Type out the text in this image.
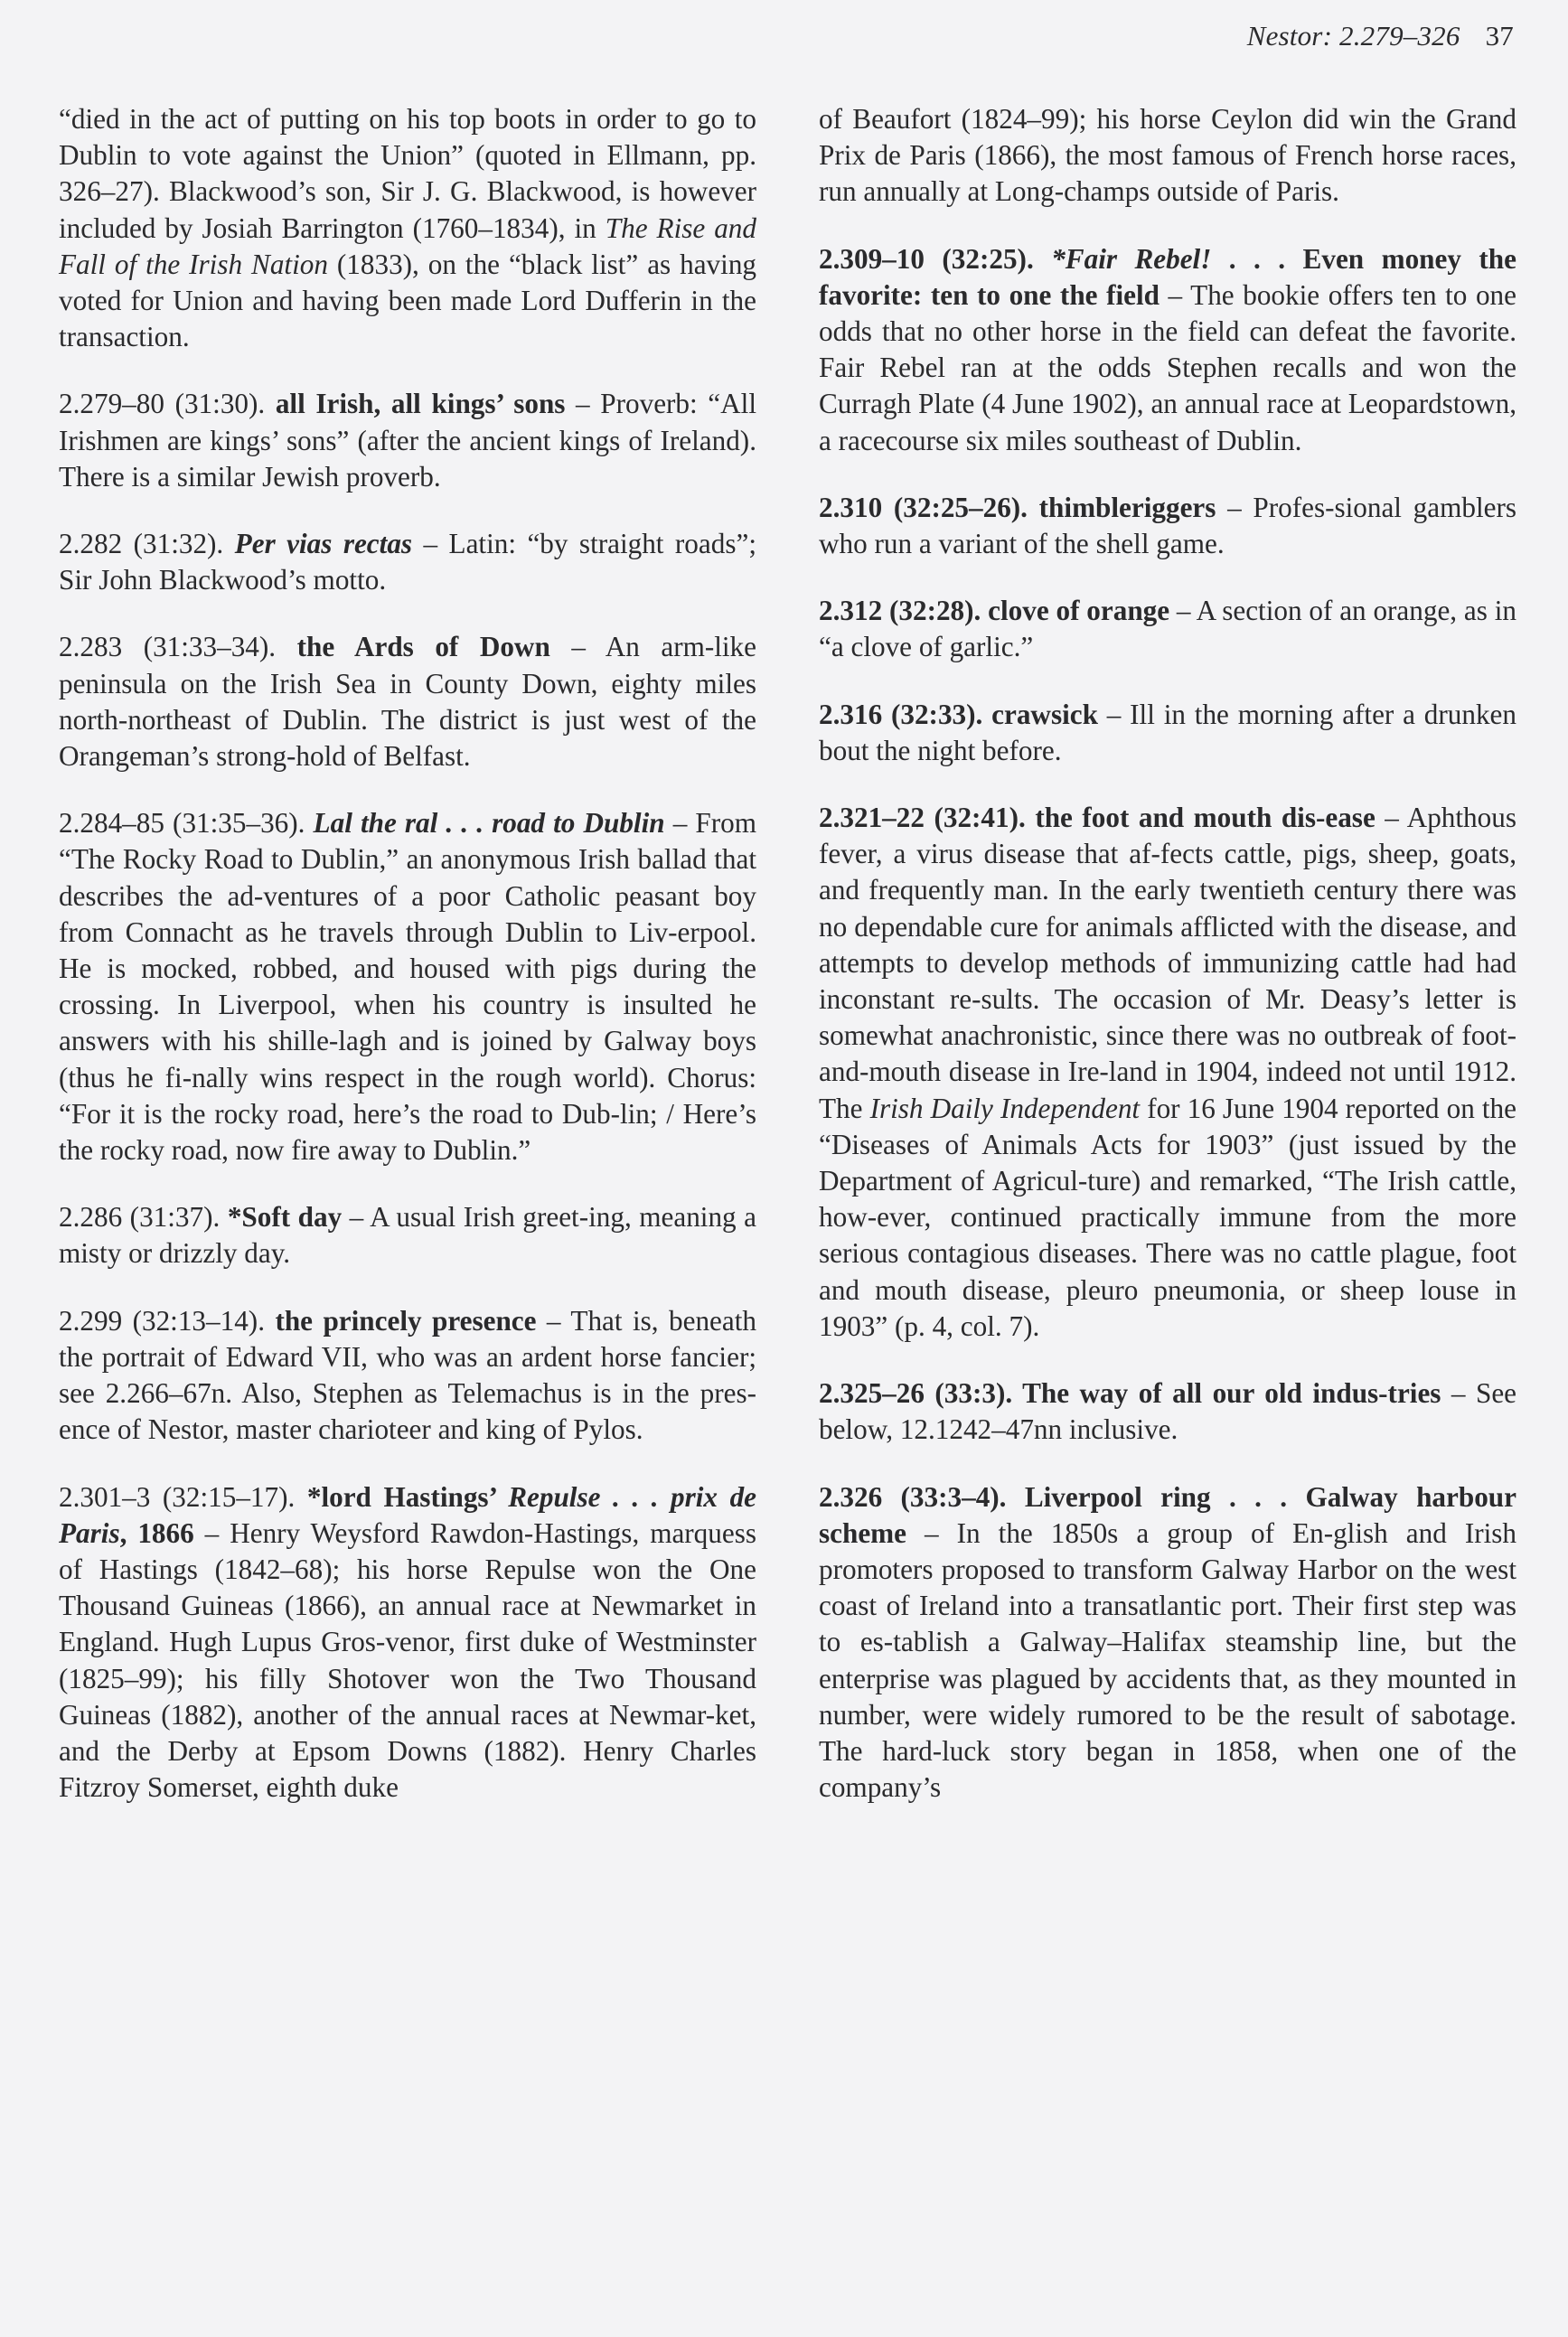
Nestor: 2.279–326 37

“died in the act of putting on his top boots in order to go to Dublin to vote against the Union” (quoted in Ellmann, pp. 326–27). Blackwood’s son, Sir J. G. Blackwood, is however included by Josiah Barrington (1760–1834), in The Rise and Fall of the Irish Nation (1833), on the “black list” as having voted for Union and having been made Lord Dufferin in the transaction.

2.279–80 (31:30). all Irish, all kings’ sons – Proverb: “All Irishmen are kings’ sons” (after the ancient kings of Ireland). There is a similar Jewish proverb.

2.282 (31:32). Per vias rectas – Latin: “by straight roads”; Sir John Blackwood’s motto.

2.283 (31:33–34). the Ards of Down – An arm-like peninsula on the Irish Sea in County Down, eighty miles north-northeast of Dublin. The district is just west of the Orangeman’s strong-hold of Belfast.

2.284–85 (31:35–36). Lal the ral . . . road to Dublin – From “The Rocky Road to Dublin,” an anonymous Irish ballad that describes the ad-ventures of a poor Catholic peasant boy from Connacht as he travels through Dublin to Liv-erpool. He is mocked, robbed, and housed with pigs during the crossing. In Liverpool, when his country is insulted he answers with his shille-lagh and is joined by Galway boys (thus he fi-nally wins respect in the rough world). Chorus: “For it is the rocky road, here’s the road to Dub-lin; / Here’s the rocky road, now fire away to Dublin.”

2.286 (31:37). *Soft day – A usual Irish greet-ing, meaning a misty or drizzly day.

2.299 (32:13–14). the princely presence – That is, beneath the portrait of Edward VII, who was an ardent horse fancier; see 2.266–67n. Also, Stephen as Telemachus is in the pres-ence of Nestor, master charioteer and king of Pylos.

2.301–3 (32:15–17). *lord Hastings’ Repulse . . . prix de Paris, 1866 – Henry Weysford Rawdon-Hastings, marquess of Hastings (1842–68); his horse Repulse won the One Thousand Guineas (1866), an annual race at Newmarket in England. Hugh Lupus Gros-venor, first duke of Westminster (1825–99); his filly Shotover won the Two Thousand Guineas (1882), another of the annual races at Newmar-ket, and the Derby at Epsom Downs (1882). Henry Charles Fitzroy Somerset, eighth duke

of Beaufort (1824–99); his horse Ceylon did win the Grand Prix de Paris (1866), the most famous of French horse races, run annually at Long-champs outside of Paris.

2.309–10 (32:25). *Fair Rebel! . . . Even money the favorite: ten to one the field – The bookie offers ten to one odds that no other horse in the field can defeat the favorite. Fair Rebel ran at the odds Stephen recalls and won the Curragh Plate (4 June 1902), an annual race at Leopardstown, a racecourse six miles southeast of Dublin.

2.310 (32:25–26). thimbleriggers – Profes-sional gamblers who run a variant of the shell game.

2.312 (32:28). clove of orange – A section of an orange, as in “a clove of garlic.”

2.316 (32:33). crawsick – Ill in the morning after a drunken bout the night before.

2.321–22 (32:41). the foot and mouth dis-ease – Aphthous fever, a virus disease that af-fects cattle, pigs, sheep, goats, and frequently man. In the early twentieth century there was no dependable cure for animals afflicted with the disease, and attempts to develop methods of immunizing cattle had had inconstant re-sults. The occasion of Mr. Deasy’s letter is somewhat anachronistic, since there was no outbreak of foot-and-mouth disease in Ire-land in 1904, indeed not until 1912. The Irish Daily Independent for 16 June 1904 reported on the “Diseases of Animals Acts for 1903” (just issued by the Department of Agricul-ture) and remarked, “The Irish cattle, how-ever, continued practically immune from the more serious contagious diseases. There was no cattle plague, foot and mouth disease, pleuro pneumonia, or sheep louse in 1903” (p. 4, col. 7).

2.325–26 (33:3). The way of all our old indus-tries – See below, 12.1242–47nn inclusive.

2.326 (33:3–4). Liverpool ring . . . Galway harbour scheme – In the 1850s a group of En-glish and Irish promoters proposed to transform Galway Harbor on the west coast of Ireland into a transatlantic port. Their first step was to es-tablish a Galway–Halifax steamship line, but the enterprise was plagued by accidents that, as they mounted in number, were widely rumored to be the result of sabotage. The hard-luck story began in 1858, when one of the company’s
